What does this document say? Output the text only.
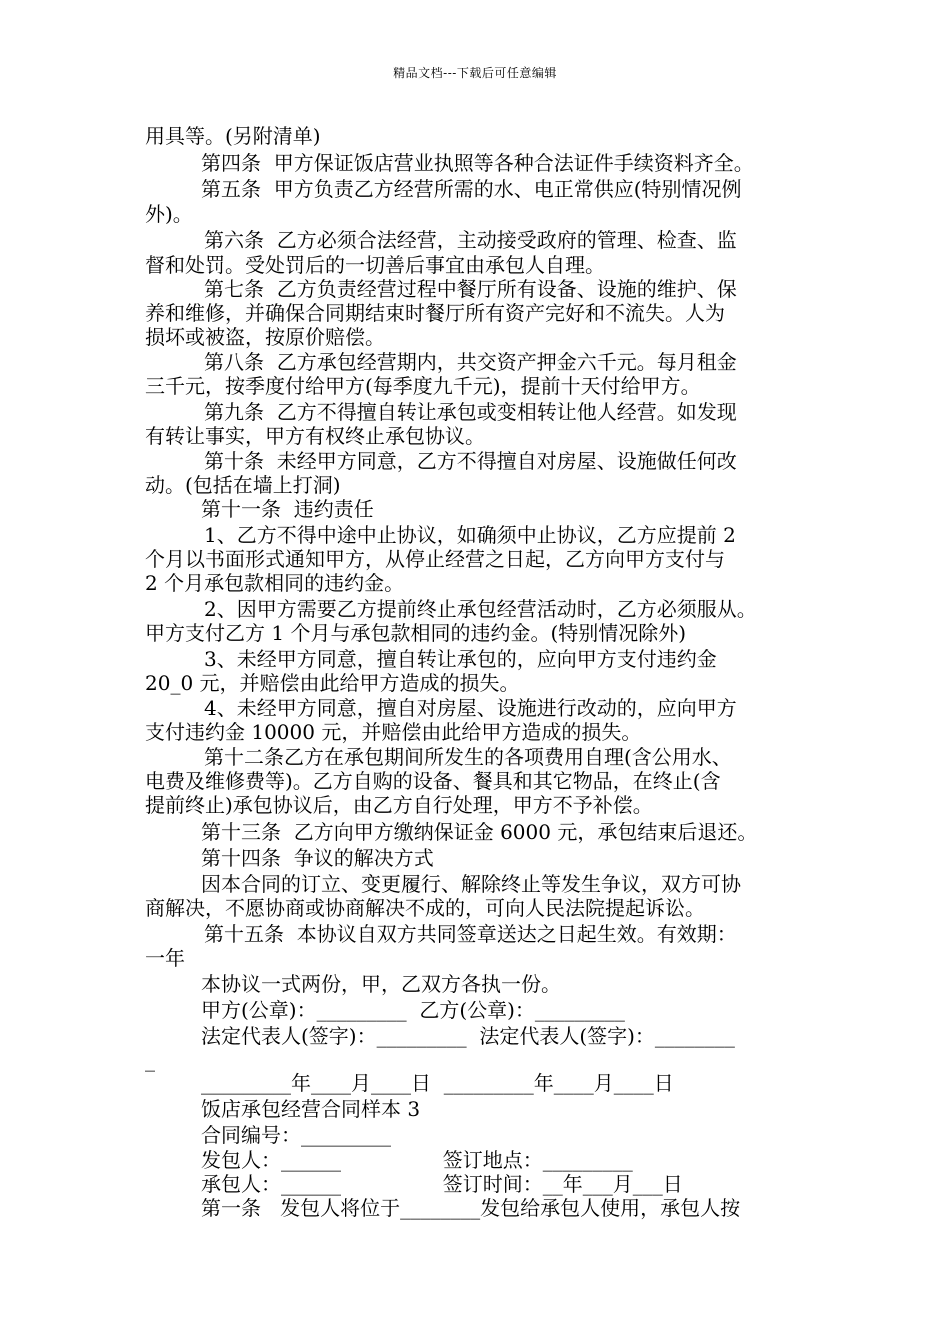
精品文档---下载后可任意编辑
用具等。(另附清单)
第四条  甲方保证饭店营业执照等各种合法证件手续资料齐全。
第五条  甲方负责乙方经营所需的水、电正常供应(特别情况例
外)。
第六条  乙方必须合法经营，主动接受政府的管理、检查、监
督和处罚。受处罚后的一切善后事宜由承包人自理。
第七条  乙方负责经营过程中餐厅所有设备、设施的维护、保
养和维修，并确保合同期结束时餐厅所有资产完好和不流失。人为
损坏或被盗，按原价赔偿。
第八条  乙方承包经营期内，共交资产押金六千元。每月租金
三千元，按季度付给甲方(每季度九千元)，提前十天付给甲方。
第九条  乙方不得擅自转让承包或变相转让他人经营。如发现
有转让事实，甲方有权终止承包协议。
第十条  未经甲方同意，乙方不得擅自对房屋、设施做任何改
动。(包括在墙上打洞)
第十一条  违约责任
1、乙方不得中途中止协议，如确须中止协议，乙方应提前 2
个月以书面形式通知甲方，从停止经营之日起，乙方向甲方支付与
2 个月承包款相同的违约金。
2、因甲方需要乙方提前终止承包经营活动时，乙方必须服从。
甲方支付乙方 1 个月与承包款相同的违约金。(特别情况除外)
3、未经甲方同意，擅自转让承包的，应向甲方支付违约金
20_0 元，并赔偿由此给甲方造成的损失。
4、未经甲方同意，擅自对房屋、设施进行改动的，应向甲方
支付违约金 10000 元，并赔偿由此给甲方造成的损失。
第十二条乙方在承包期间所发生的各项费用自理(含公用水、
电费及维修费等)。乙方自购的设备、餐具和其它物品，在终止(含
提前终止)承包协议后，由乙方自行处理，甲方不予补偿。
第十三条  乙方向甲方缴纳保证金 6000 元，承包结束后退还。
第十四条  争议的解决方式
因本合同的订立、变更履行、解除终止等发生争议，双方可协
商解决，不愿协商或协商解决不成的，可向人民法院提起诉讼。
第十五条  本协议自双方共同签章送达之日起生效。有效期：
一年
本协议一式两份，甲，乙双方各执一份。
甲方(公章)：_________  乙方(公章)：_________
法定代表人(签字)：_________  法定代表人(签字)：________
_
_________年____月____日  _________年____月____日
饭店承包经营合同样本 3
合同编号：_________
发包人：______                签订地点：_________
承包人：______                签订时间：__年___月___日
第一条   发包人将位于________发包给承包人使用，承包人按
